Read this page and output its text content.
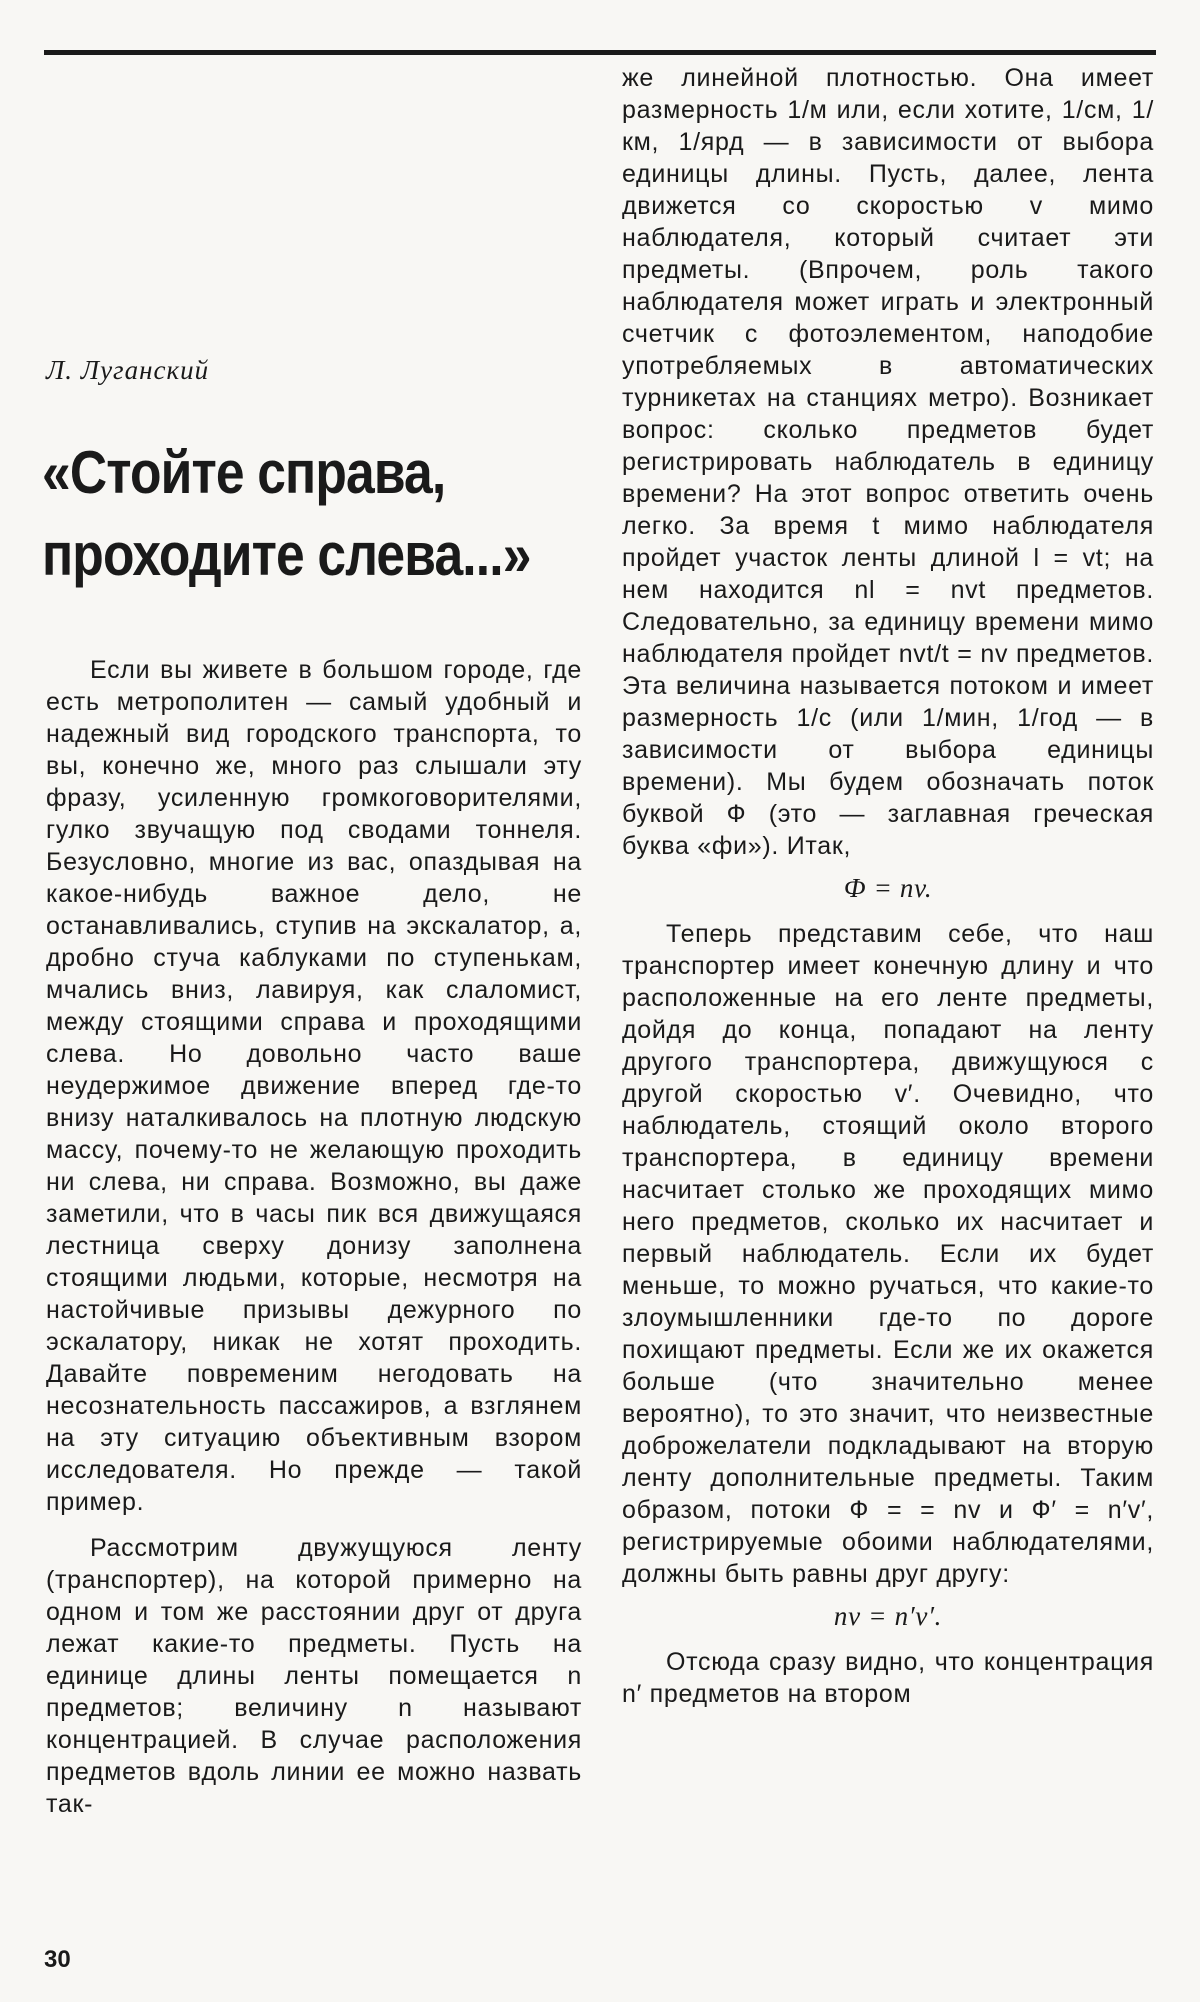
Л. Луганский
«Стойте справа,
проходите слева...»

Если вы живете в большом городе, где есть метрополитен — самый удобный и надежный вид городского транспорта, то вы, конечно же, много раз слышали эту фразу, усиленную громкоговорителями, гулко звучащую под сводами тоннеля. Безусловно, многие из вас, опаздывая на какое-нибудь важное дело, не останавливались, ступив на экскалатор, а, дробно стуча каблуками по ступенькам, мчались вниз, лавируя, как слаломист, между стоящими справа и проходящими слева. Но довольно часто ваше неудержимое движение вперед где-то внизу наталкивалось на плотную людскую массу, почему-то не желающую проходить ни слева, ни справа. Возможно, вы даже заметили, что в часы пик вся движущаяся лестница сверху донизу заполнена стоящими людьми, которые, несмотря на настойчивые призывы дежурного по эскалатору, никак не хотят проходить. Давайте повременим негодовать на несознательность пассажиров, а взглянем на эту ситуацию объективным взором исследователя. Но прежде — такой пример.

Рассмотрим двужущуюся ленту (транспортер), на которой примерно на одном и том же расстоянии друг от друга лежат какие-то предметы. Пусть на единице длины ленты помещается n предметов; величину n называют концентрацией. В случае расположения предметов вдоль линии ее можно назвать так-

же линейной плотностью. Она имеет размерность 1/м или, если хотите, 1/см, 1/км, 1/ярд — в зависимости от выбора единицы длины. Пусть, далее, лента движется со скоростью v мимо наблюдателя, который считает эти предметы. (Впрочем, роль такого наблюдателя может играть и электронный счетчик с фотоэлементом, наподобие употребляемых в автоматических турникетах на станциях метро). Возникает вопрос: сколько предметов будет регистрировать наблюдатель в единицу времени? На этот вопрос ответить очень легко. За время t мимо наблюдателя пройдет участок ленты длиной l = vt; на нем находится nl = nvt предметов. Следовательно, за единицу времени мимо наблюдателя пройдет nvt/t = nv предметов. Эта величина называется потоком и имеет размерность 1/с (или 1/мин, 1/год — в зависимости от выбора единицы времени). Мы будем обозначать поток буквой Ф (это — заглавная греческая буква «фи»). Итак,

Ф = nv.

Теперь представим себе, что наш транспортер имеет конечную длину и что расположенные на его ленте предметы, дойдя до конца, попадают на ленту другого транспортера, движущуюся с другой скоростью v′. Очевидно, что наблюдатель, стоящий около второго транспортера, в единицу времени насчитает столько же проходящих мимо него предметов, сколько их насчитает и первый наблюдатель. Если их будет меньше, то можно ручаться, что какие-то злоумышленники где-то по дороге похищают предметы. Если же их окажется больше (что значительно менее вероятно), то это значит, что неизвестные доброжелатели подкладывают на вторую ленту дополнительные предметы. Таким образом, потоки Ф = = nv и Ф′ = n′v′, регистрируемые обоими наблюдателями, должны быть равны друг другу:

nv = n′v′.

Отсюда сразу видно, что концентрация n′ предметов на втором

30
